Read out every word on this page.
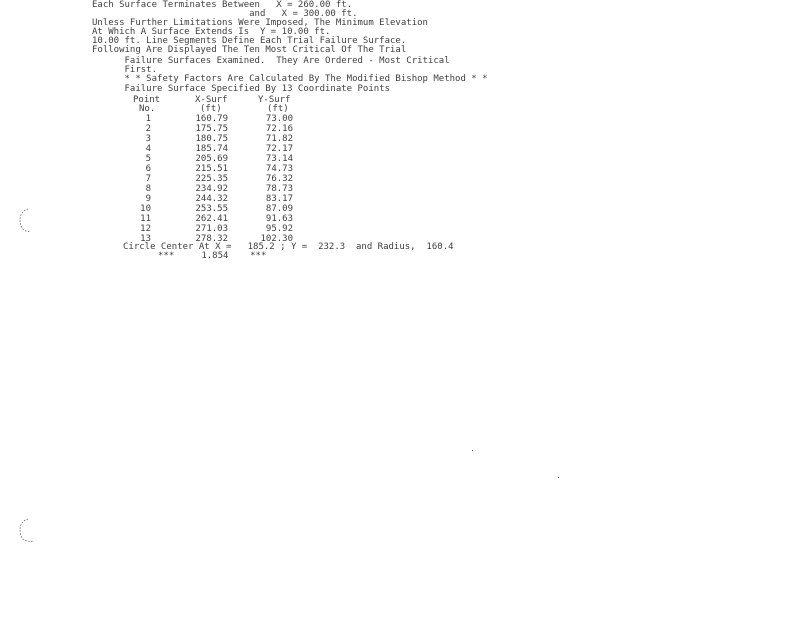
Each Surface Terminates Between   X = 260.00 ft.
and   X = 300.00 ft.
Unless Further Limitations Were Imposed, The Minimum Elevation
At Which A Surface Extends Is  Y = 10.00 ft.
10.00 ft. Line Segments Define Each Trial Failure Surface.
Following Are Displayed The Ten Most Critical Of The Trial
Failure Surfaces Examined.  They Are Ordered - Most Critical
First.
* * Safety Factors Are Calculated By The Modified Bishop Method * *
Failure Surface Specified By 13 Coordinate Points
Point	X-Surf	Y-Surf
No.	(ft)	(ft)
1	160.79	73.00
2	175.75	72.16
3	180.75	71.82
4	185.74	72.17
5	205.69	73.14
6	215.51	74.73
7	225.35	76.32
8	234.92	78.73
9	244.32	83.17
10	253.55	87.09
11	262.41	91.63
12	271.03	95.92
13	278.32	102.30
Circle Center At X =   185.2 ; Y =  232.3  and Radius,  160.4
***     1.854    ***
